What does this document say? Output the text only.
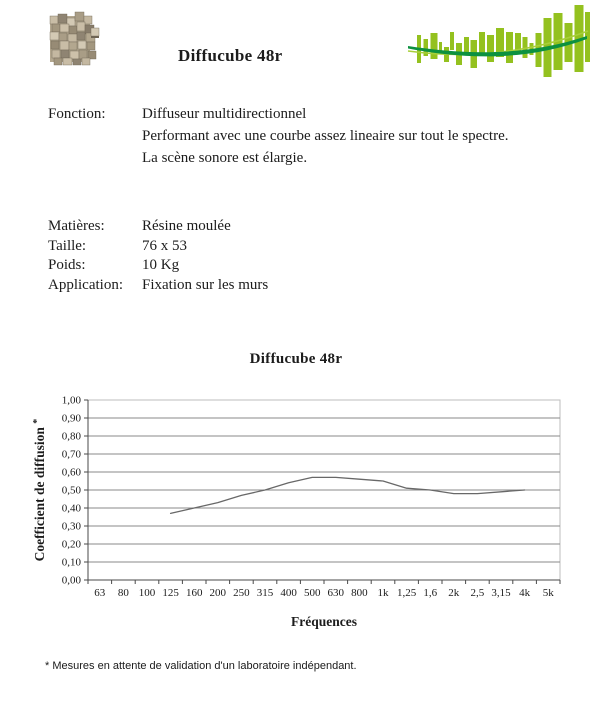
Diffucube 48r
Fonction:	Diffuseur multidirectionnel
Performant avec une courbe assez lineaire sur tout le spectre.
La scène sonore est élargie.
Matières:	Résine moulée
Taille:	76 x 53
Poids:	10 Kg
Application:	Fixation sur les murs
Diffucube 48r
0,00
0,10
0,20
0,30
0,40
0,50
0,60
0,70
0,80
0,90
1,00
63 80 100 125 160 200 250 315 400 500 630 800 1k 1,25 1,6 2k 2,5 3,15 4k 5k
Fréquences
Coefficient de diffusion *
* Mesures en attente de validation d'un laboratoire indépendant.
